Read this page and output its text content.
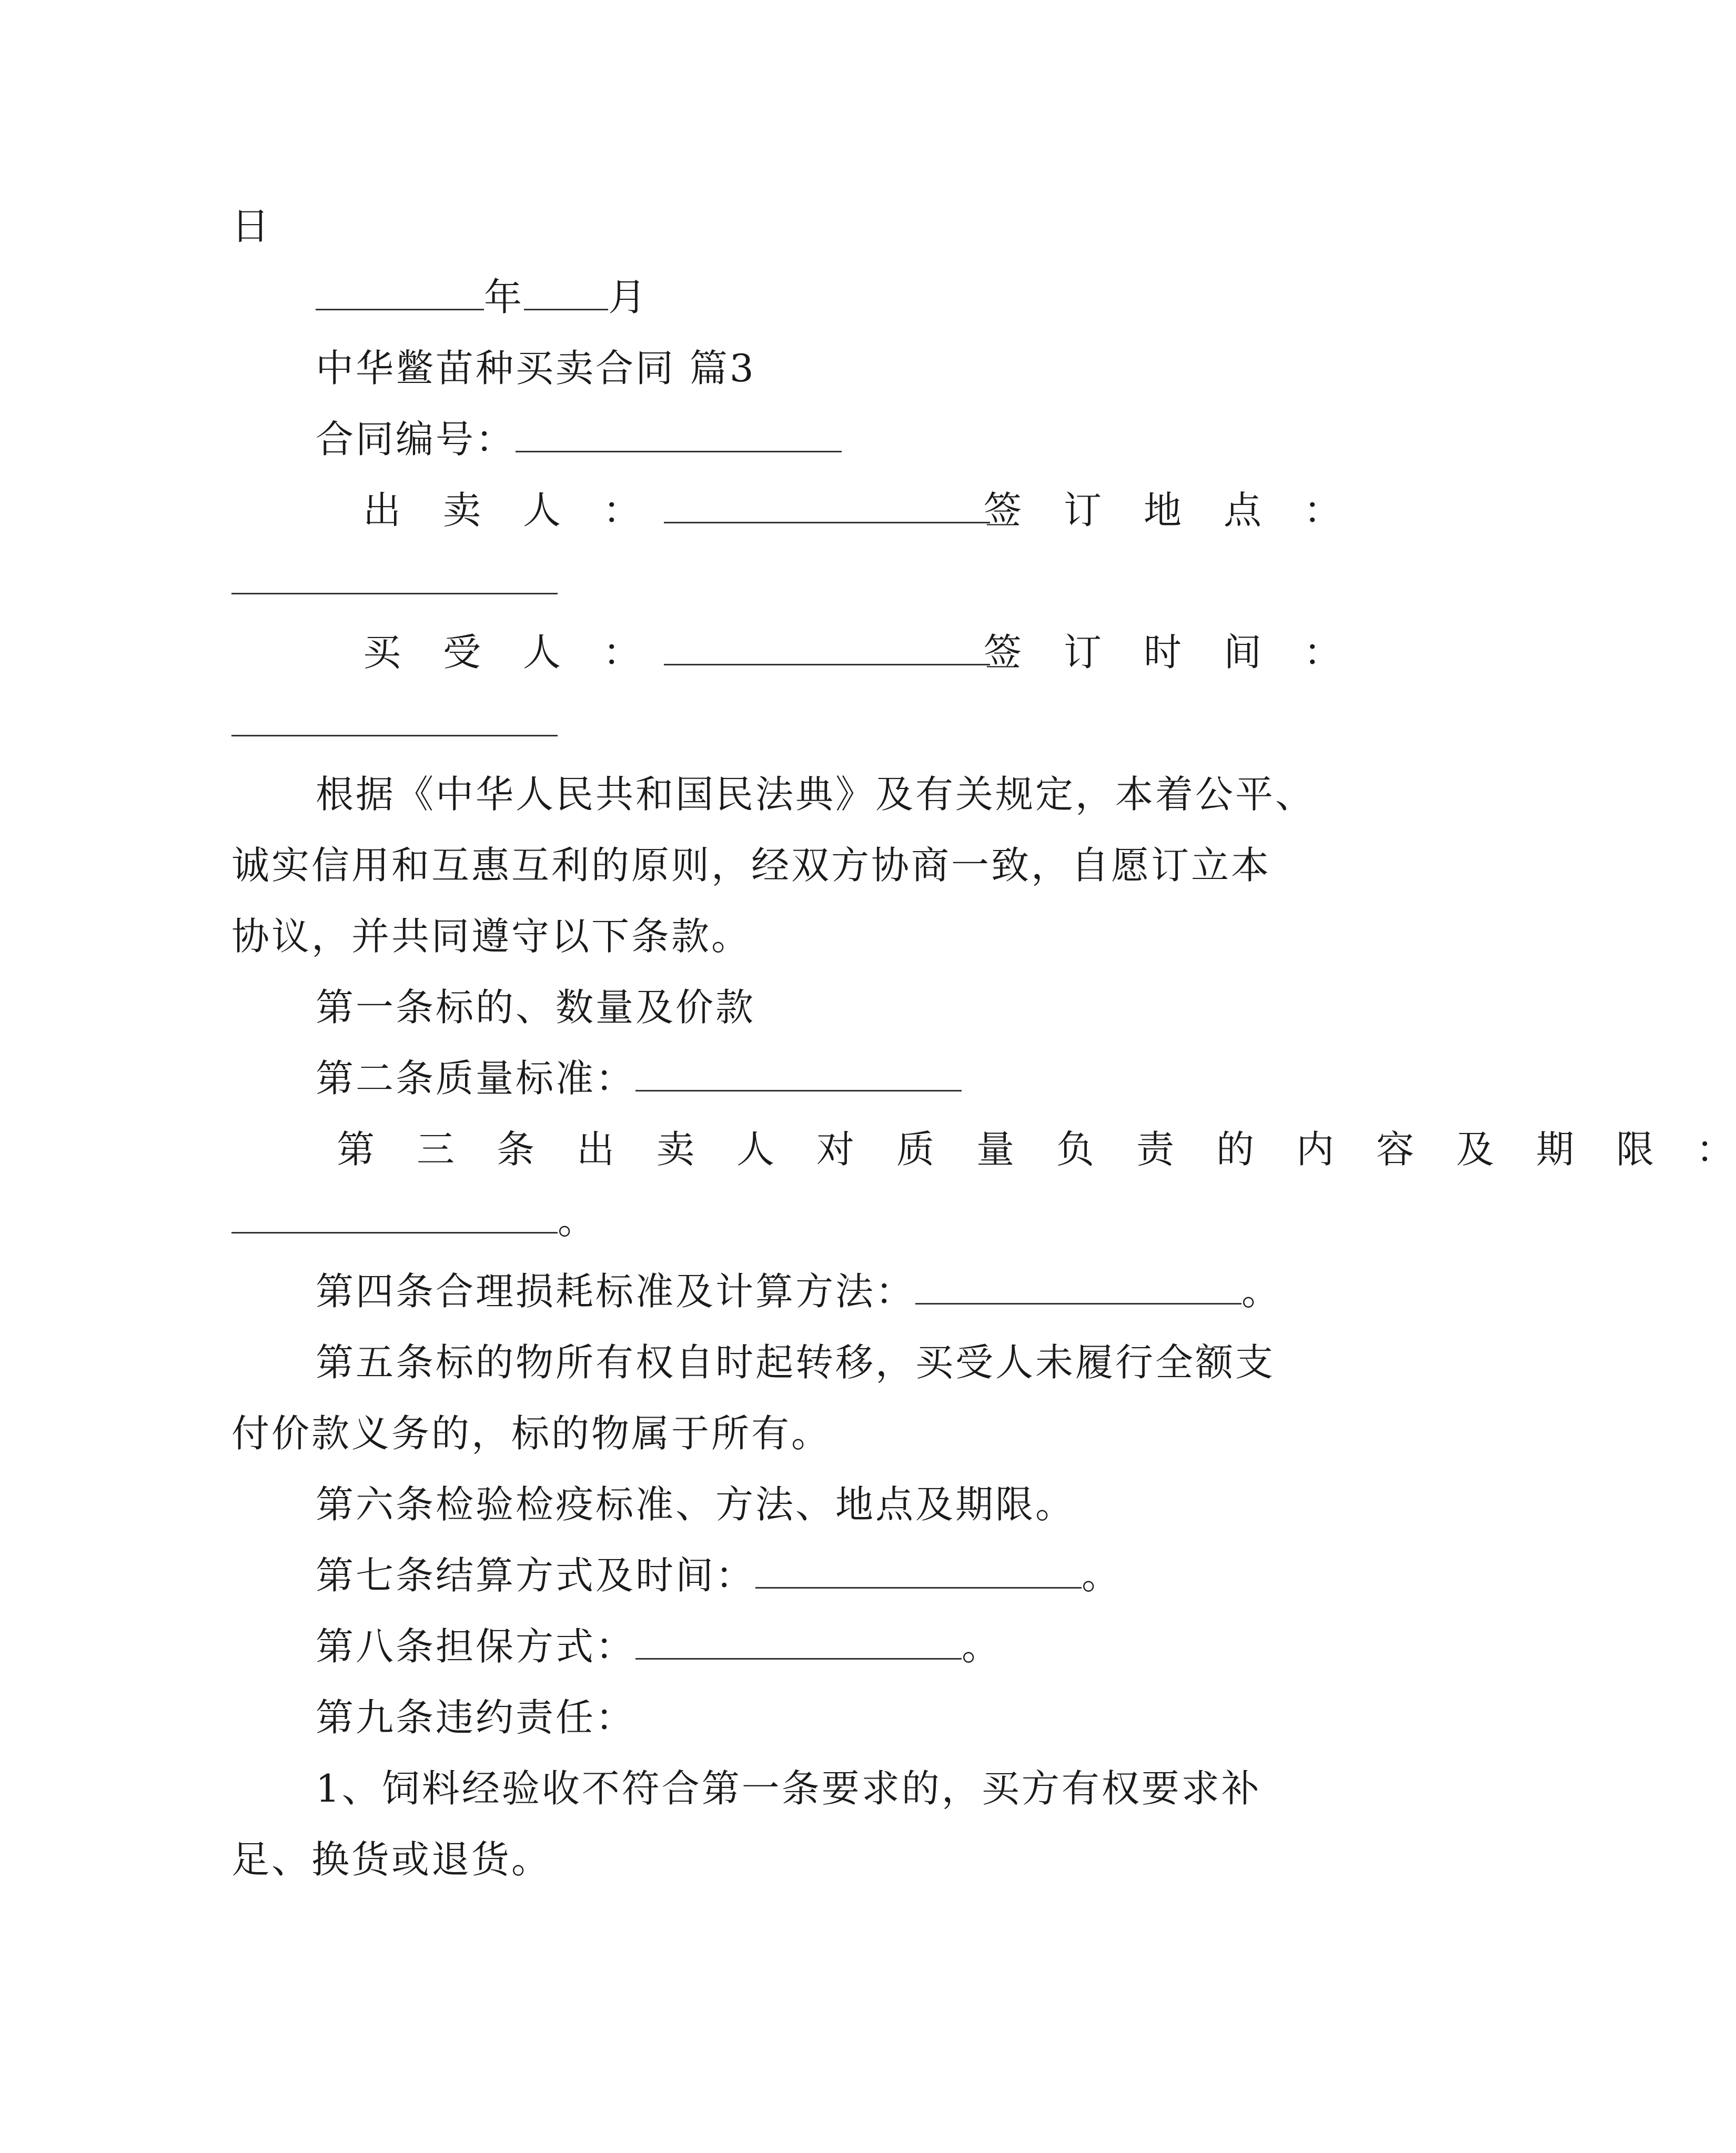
日
年 月
中华鳖苗种买卖合同 篇3
合同编号：
出　卖　人　：	签　订　地　点　：
买　受　人　：	签　订　时　间　：
根据《中华人民共和国民法典》及有关规定，本着公平、
诚实信用和互惠互利的原则，经双方协商一致，自愿订立本
协议，并共同遵守以下条款。
第一条标的、数量及价款
第二条质量标准：
第　三　条　出　卖　人　对　质　量　负　责　的　内　容　及　期　限　：
。
第四条合理损耗标准及计算方法：	。
第五条标的物所有权自时起转移，买受人未履行全额支
付价款义务的，标的物属于所有。
第六条检验检疫标准、方法、地点及期限。
第七条结算方式及时间：	。
第八条担保方式：	。
第九条违约责任：
1、饲料经验收不符合第一条要求的，买方有权要求补
足、换货或退货。
